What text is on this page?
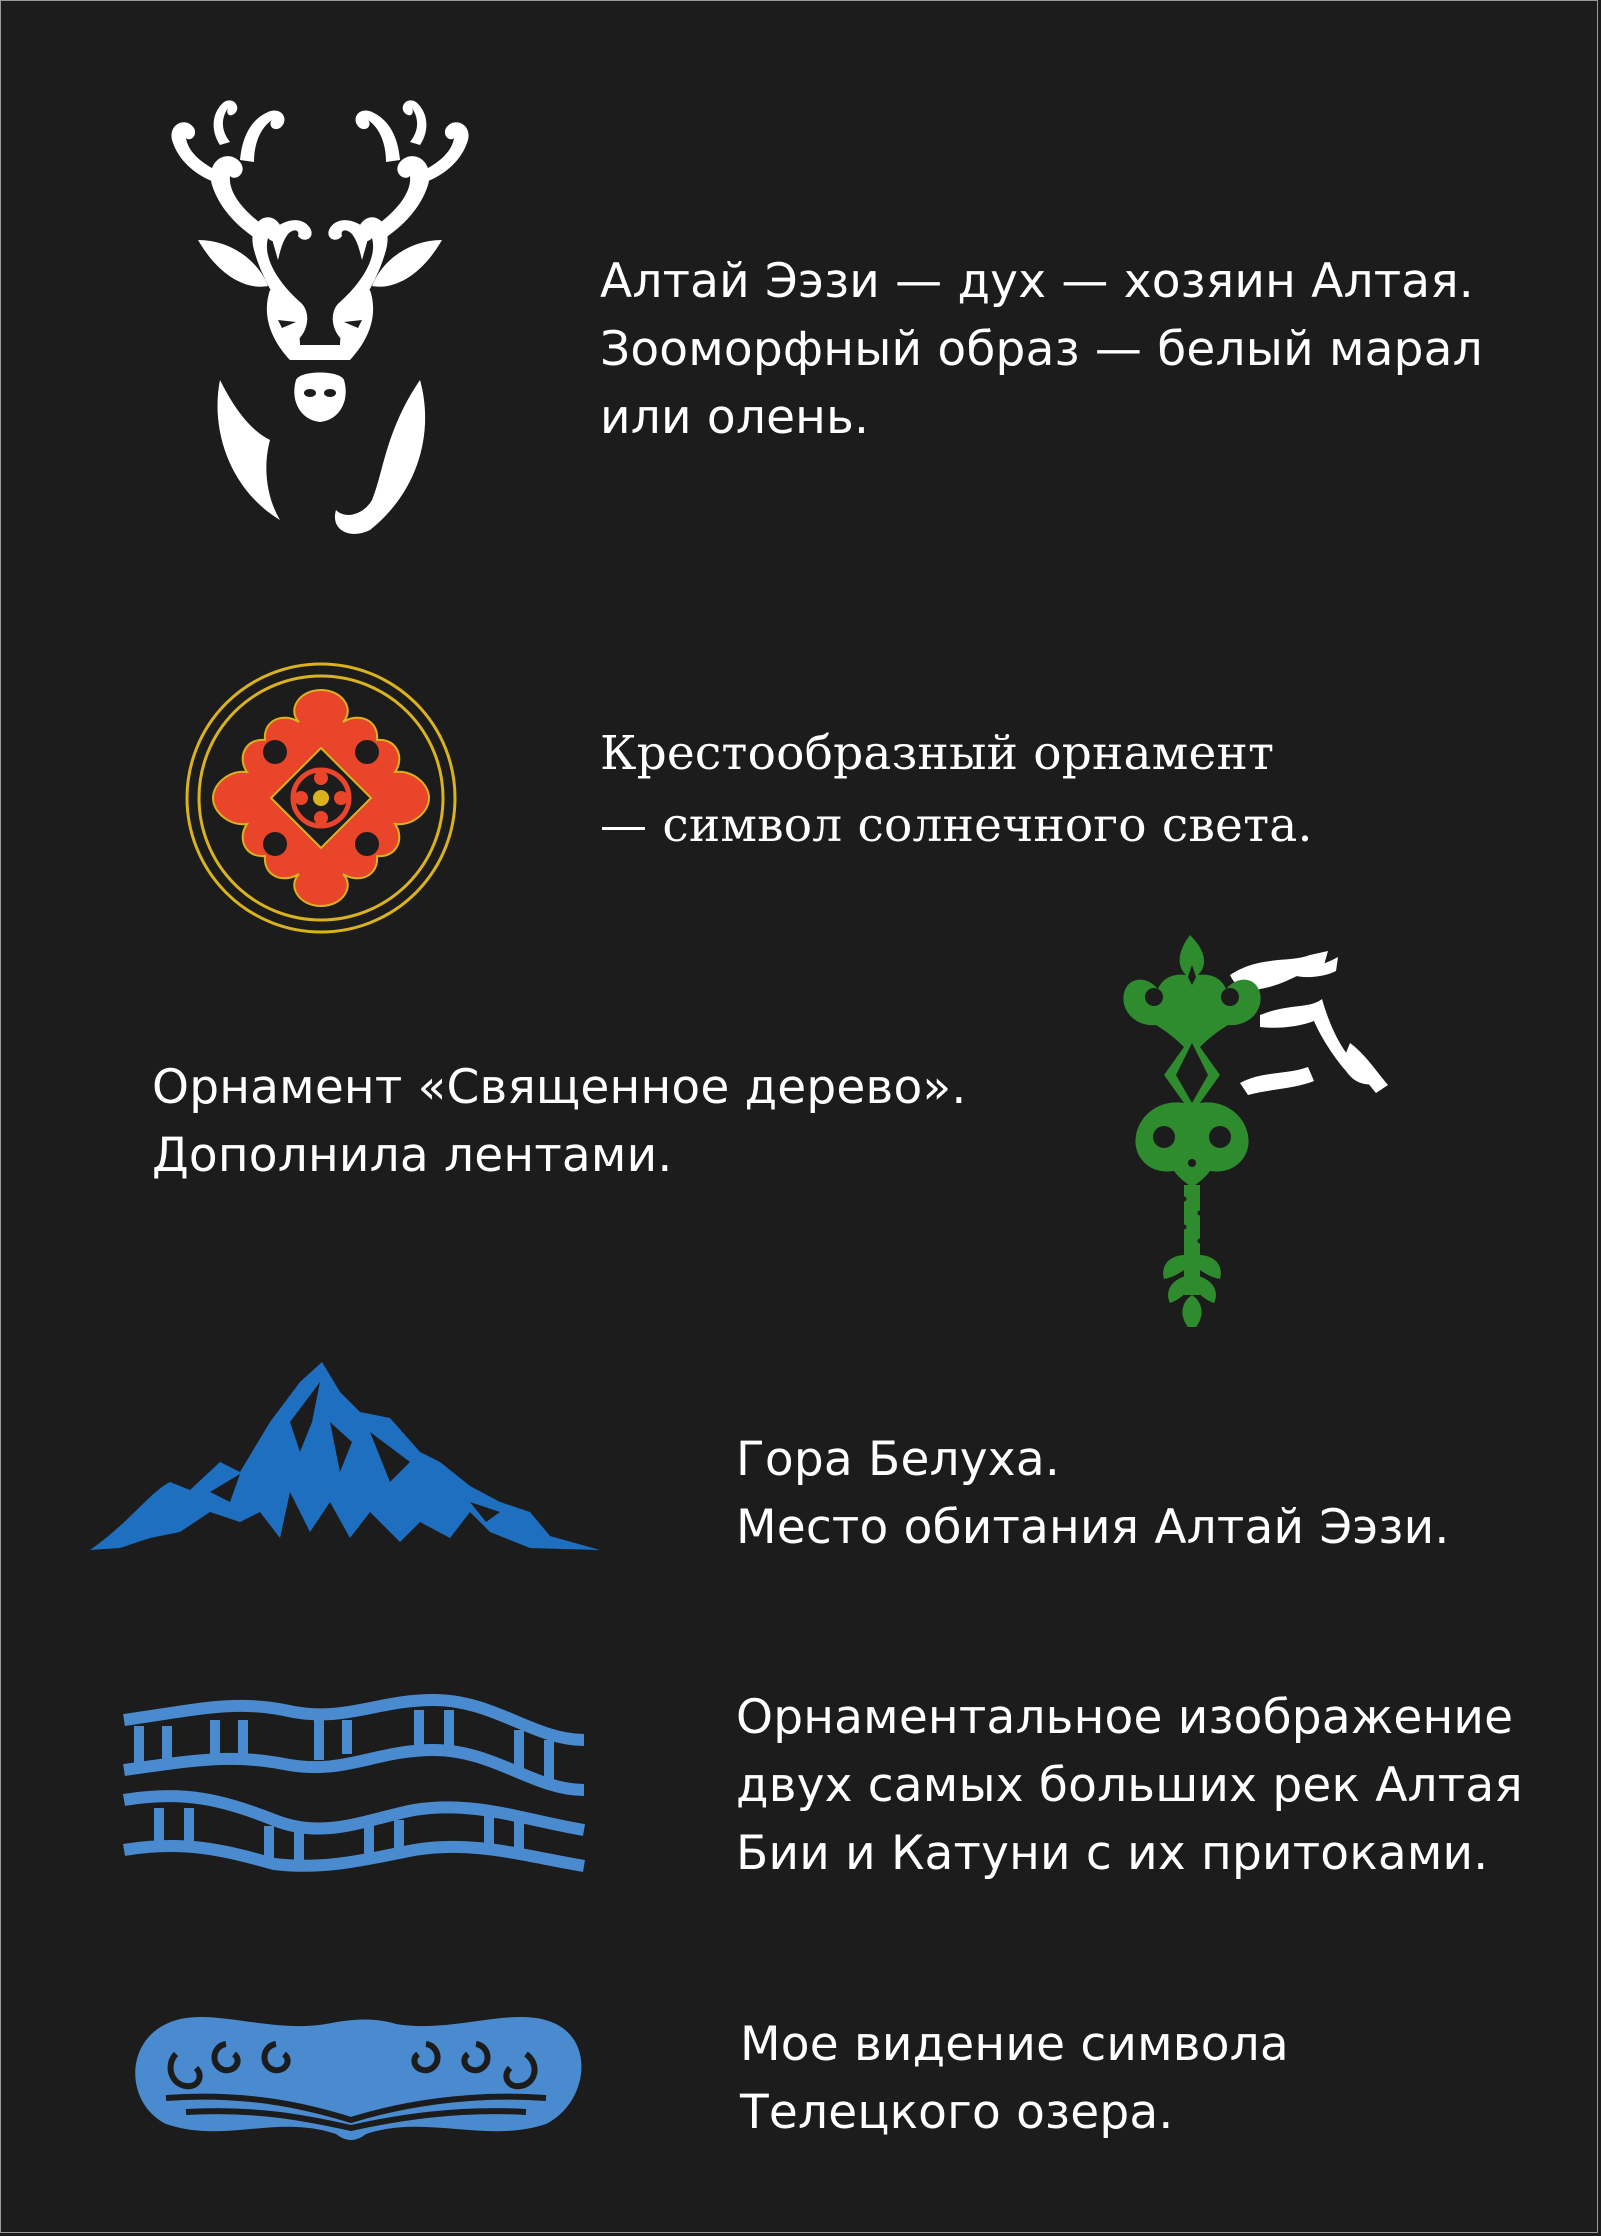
Алтай Ээзи — дух — хозяин Алтая.
Зооморфный образ — белый марал
или олень.
Крестообразный орнамент
— символ солнечного света.
Орнамент «Священное дерево».
Дополнила лентами.
Гора Белуха.
Место обитания Алтай Ээзи.
Орнаментальное изображение
двух самых больших рек Алтая
Бии и Катуни с их притоками.
Мое видение символа
Телецкого озера.
